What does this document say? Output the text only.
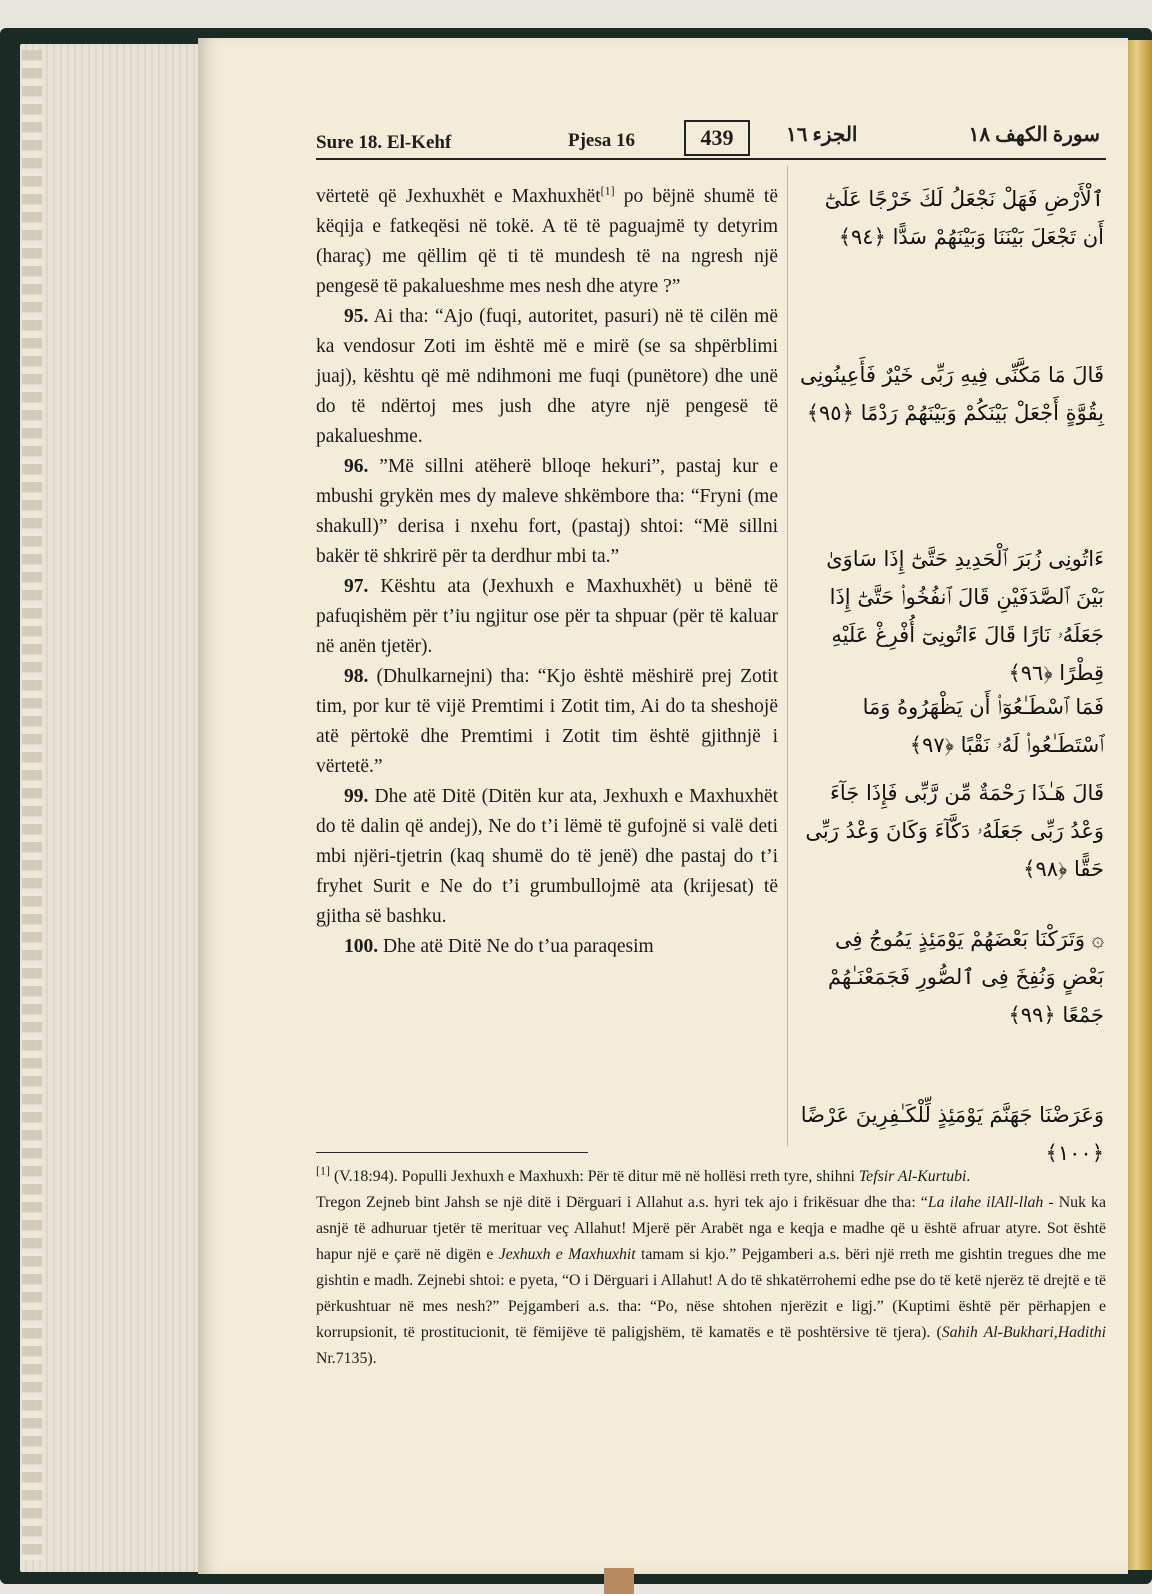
Sure 18. El-Kehf	Pjesa 16	439	الجزء ١٦	سورة الكهف ١٨

vërtetë që Jexhuxhët e Maxhuxhët[1] po bëjnë shumë të këqija e fatkeqësi në tokë. A të të paguajmë ty detyrim (haraç) me qëllim që ti të mundesh të na ngresh një pengesë të pakalueshme mes nesh dhe atyre ?”

95. Ai tha: “Ajo (fuqi, autoritet, pasuri) në të cilën më ka vendosur Zoti im është më e mirë (se sa shpërblimi juaj), kështu që më ndihmoni me fuqi (punëtore) dhe unë do të ndërtoj mes jush dhe atyre një pengesë të pakalueshme.

96. ”Më sillni atëherë blloqe hekuri”, pastaj kur e mbushi grykën mes dy maleve shkëmbore tha: “Fryni (me shakull)” derisa i nxehu fort, (pastaj) shtoi: “Më sillni bakër të shkrirë për ta derdhur mbi ta.”

97. Kështu ata (Jexhuxh e Maxhuxhët) u bënë të pafuqishëm për t’iu ngjitur ose për ta shpuar (për të kaluar në anën tjetër).

98. (Dhulkarnejni) tha: “Kjo është mëshirë prej Zotit tim, por kur të vijë Premtimi i Zotit tim, Ai do ta sheshojë atë përtokë dhe Premtimi i Zotit tim është gjithnjë i vërtetë.”

99. Dhe atë Ditë (Ditën kur ata, Jexhuxh e Maxhuxhët do të dalin që andej), Ne do t’i lëmë të gufojnë si valë deti mbi njëri-tjetrin (kaq shumë do të jenë) dhe pastaj do t’i fryhet Surit e Ne do t’i grumbullojmë ata (krijesat) të gjitha së bashku.

100. Dhe atë Ditë Ne do t’ua paraqesim

ٱلْأَرْضِ فَهَلْ نَجْعَلُ لَكَ خَرْجًا عَلَىٰٓ أَن تَجْعَلَ بَيْنَنَا وَبَيْنَهُمْ سَدًّا ﴿٩٤﴾
قَالَ مَا مَكَّنِّى فِيهِ رَبِّى خَيْرٌ فَأَعِينُونِى بِقُوَّةٍ أَجْعَلْ بَيْنَكُمْ وَبَيْنَهُمْ رَدْمًا ﴿٩٥﴾
ءَاتُونِى زُبَرَ ٱلْحَدِيدِ حَتَّىٰٓ إِذَا سَاوَىٰ بَيْنَ ٱلصَّدَفَيْنِ قَالَ ٱنفُخُوا۟ حَتَّىٰٓ إِذَا جَعَلَهُۥ نَارًا قَالَ ءَاتُونِىٓ أُفْرِغْ عَلَيْهِ قِطْرًا ﴿٩٦﴾
فَمَا ٱسْطَـٰعُوٓا۟ أَن يَظْهَرُوهُ وَمَا ٱسْتَطَـٰعُوا۟ لَهُۥ نَقْبًا ﴿٩٧﴾
قَالَ هَـٰذَا رَحْمَةٌ مِّن رَّبِّى فَإِذَا جَآءَ وَعْدُ رَبِّى جَعَلَهُۥ دَكَّآءَ وَكَانَ وَعْدُ رَبِّى حَقًّا ﴿٩٨﴾
۞ وَتَرَكْنَا بَعْضَهُمْ يَوْمَئِذٍ يَمُوجُ فِى بَعْضٍ وَنُفِخَ فِى ٱلصُّورِ فَجَمَعْنَـٰهُمْ جَمْعًا ﴿٩٩﴾
وَعَرَضْنَا جَهَنَّمَ يَوْمَئِذٍ لِّلْكَـٰفِرِينَ عَرْضًا ﴿١٠٠﴾

[1] (V.18:94). Populli Jexhuxh e Maxhuxh: Për të ditur më në hollësi rreth tyre, shihni Tefsir Al-Kurtubi.

Tregon Zejneb bint Jahsh se një ditë i Dërguari i Allahut a.s. hyri tek ajo i frikësuar dhe tha: “La ilahe ilAll-llah - Nuk ka asnjë të adhuruar tjetër të merituar veç Allahut! Mjerë për Arabët nga e keqja e madhe që u është afruar atyre. Sot është hapur një e çarë në digën e Jexhuxh e Maxhuxhit tamam si kjo.” Pejgamberi a.s. bëri një rreth me gishtin tregues dhe me gishtin e madh. Zejnebi shtoi: e pyeta, “O i Dërguari i Allahut! A do të shkatërrohemi edhe pse do të ketë njerëz të drejtë e të përkushtuar në mes nesh?” Pejgamberi a.s. tha: “Po, nëse shtohen njerëzit e ligj.” (Kuptimi është për përhapjen e korrupsionit, të prostitucionit, të fëmijëve të paligjshëm, të kamatës e të poshtërsive të tjera). (Sahih Al-Bukhari,Hadithi Nr.7135).
